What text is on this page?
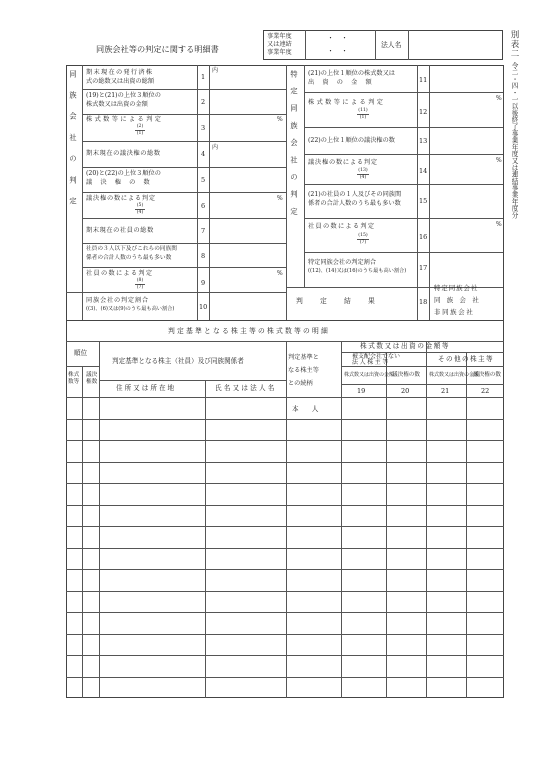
同族会社等の判定に関する明細書
事業年度
又は連結
事業年度
・　・
・　・
法人名	別表二
令二・四・一以後終了事業年度又は連結事業年度分
同族会社の判定	特定同族会社の判定
期末現在の発行済株
式の総数又は出資の総額
1
内
(19)と(21)の上位３順位の
株式数又は出資の金額	2
株式数等による判定
(2)
(1)
3
%
期末現在の議決権の総数	4
内
(20)と(22)の上位３順位の
議　決　権　の　数	5
議決権の数による判定
(5)
(4)
6
%
期末現在の社員の総数	7
社員の３人以下及びこれらの同族関
係者の合計人数のうち最も多い数	8
社員の数による判定
(8)
(7)
9
%
同族会社の判定割合
((3)、(6)又は(9)のうち最も高い割合)	10
(21)の上位１順位の株式数又は
出　資　の　金　額	11
株式数等による判定
(11)
(1)
12
%
(22)の上位１順位の議決権の数	13
議決権の数による判定
(13)
(4)
14
%
(21)の社員の１人及びその同族関
係者の合計人数のうち最も多い数	15
社員の数による判定
(15)
(7)
16
%
特定同族会社の判定割合
((12)、(14)又は(16)のうち最も高い割合) 17
判　　定　　結　　果	18
特定同族会社
同　族　会　社
非同族会社
判定基準となる株主等の株式数等の明細
順位
株式
数等
議決
権数
判定基準となる株主（社員）及び同族関係者
住所又は所在地	氏名又は法人名
判定基準と
なる株主等
との続柄
株式数又は出資の金額等
被支配会社でない
法人株主等	その他の株主等
株式数又は出資の金額
議決権の数 株式数又は出資の金額
議決権の数
19	20	21	22
本　　人
